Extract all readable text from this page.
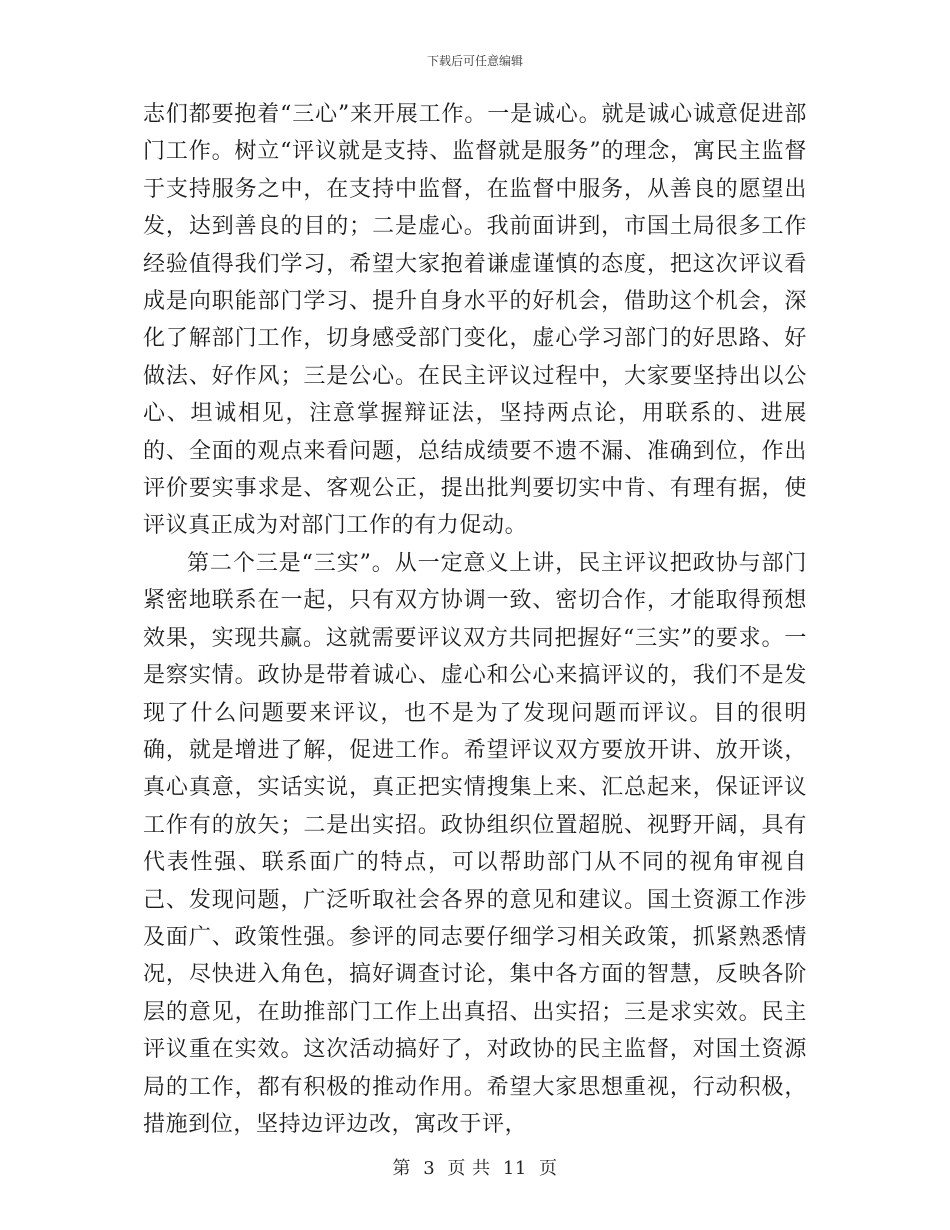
下载后可任意编辑

志们都要抱着“三心”来开展工作。一是诚心。就是诚心诚意促进部门工作。树立“评议就是支持、监督就是服务”的理念，寓民主监督于支持服务之中，在支持中监督，在监督中服务，从善良的愿望出发，达到善良的目的；二是虚心。我前面讲到，市国土局很多工作经验值得我们学习，希望大家抱着谦虚谨慎的态度，把这次评议看成是向职能部门学习、提升自身水平的好机会，借助这个机会，深化了解部门工作，切身感受部门变化，虚心学习部门的好思路、好做法、好作风；三是公心。在民主评议过程中，大家要坚持出以公心、坦诚相见，注意掌握辩证法，坚持两点论，用联系的、进展的、全面的观点来看问题，总结成绩要不遗不漏、准确到位，作出评价要实事求是、客观公正，提出批判要切实中肯、有理有据，使评议真正成为对部门工作的有力促动。

第二个三是“三实”。从一定意义上讲，民主评议把政协与部门紧密地联系在一起，只有双方协调一致、密切合作，才能取得预想效果，实现共赢。这就需要评议双方共同把握好“三实”的要求。一是察实情。政协是带着诚心、虚心和公心来搞评议的，我们不是发现了什么问题要来评议，也不是为了发现问题而评议。目的很明确，就是增进了解，促进工作。希望评议双方要放开讲、放开谈，真心真意，实话实说，真正把实情搜集上来、汇总起来，保证评议工作有的放矢；二是出实招。政协组织位置超脱、视野开阔，具有代表性强、联系面广的特点，可以帮助部门从不同的视角审视自己、发现问题，广泛听取社会各界的意见和建议。国土资源工作涉及面广、政策性强。参评的同志要仔细学习相关政策，抓紧熟悉情况，尽快进入角色，搞好调查讨论，集中各方面的智慧，反映各阶层的意见，在助推部门工作上出真招、出实招；三是求实效。民主评议重在实效。这次活动搞好了，对政协的民主监督，对国土资源局的工作，都有积极的推动作用。希望大家思想重视，行动积极，措施到位，坚持边评边改，寓改于评，

第 3 页 共 11 页
